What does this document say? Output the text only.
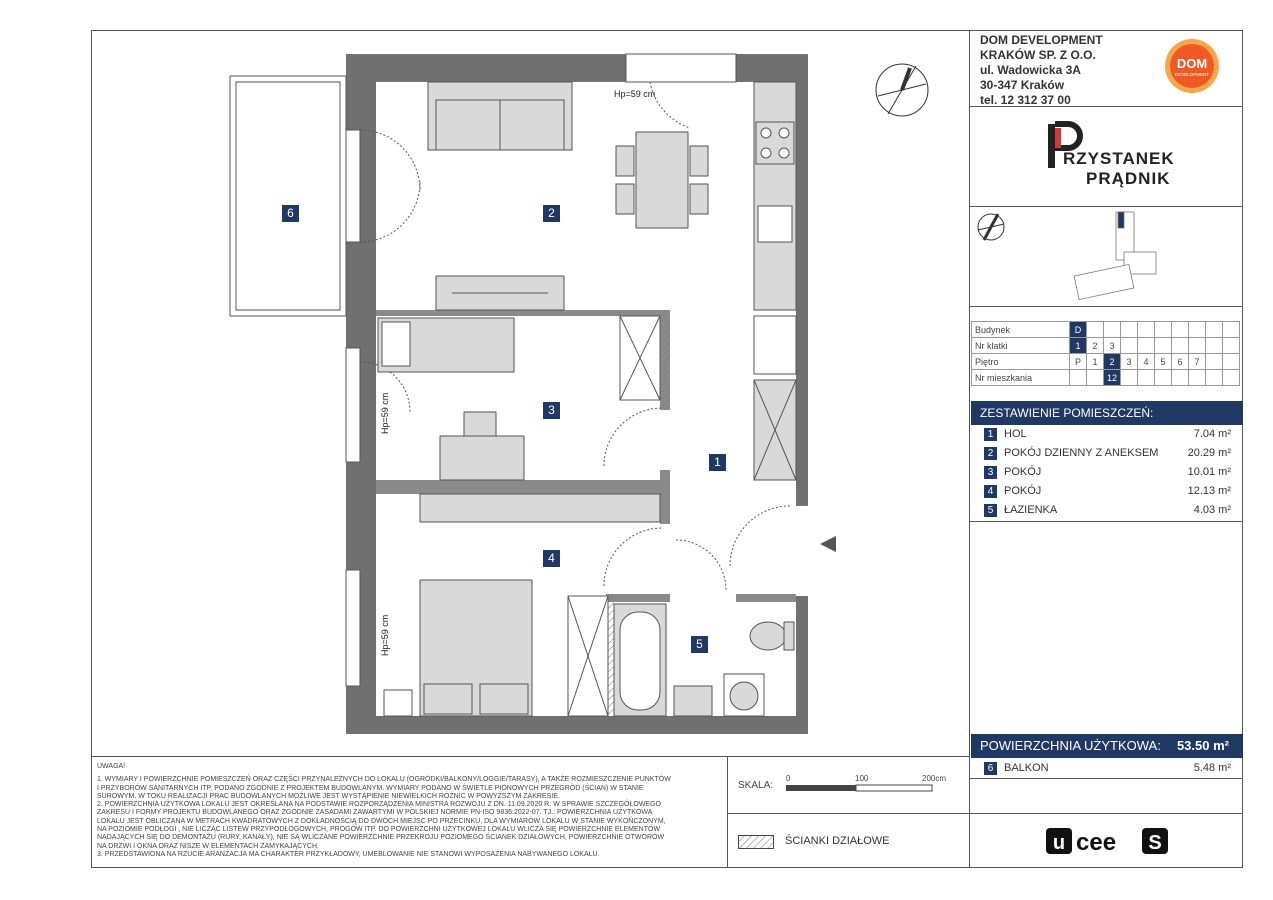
6	2
3
1
4
5
Hp=59 cm
Hp=59 cm
Hp=59 cm
DOM DEVELOPMENT
KRAKÓW SP. Z O.O.
ul. Wadowicka 3A
30-347 Kraków
tel. 12 312 37 00
DOM
DEVELOPMENT
RZYSTANEK
PRĄDNIK
Budynek	D									
Nr klatki	1	2	3							
Piętro	P	1	2	3	4	5	6	7		
Nr mieszkania			12							
ZESTAWIENIE POMIESZCZEŃ:
1 HOL	7.04 m²
2 POKÓJ DZIENNY Z ANEKSEM	20.29 m²
3 POKÓJ	10.01 m²
4 POKÓJ	12.13 m²
5 ŁAZIENKA	4.03 m²
POWIERZCHNIA UŻYTKOWA: 53.50 m²
6 BALKON	5.48 m²
UWAGA!
1. WYMIARY I POWIERZCHNIE POMIESZCZEŃ ORAZ CZĘŚCI PRZYNALEŻNYCH DO LOKALU (OGRÓDKI/BALKONY/LOGGIE/TARASY), A TAKŻE ROZMIESZCZENIE PUNKTÓW
I PRZYBORÓW SANITARNYCH ITP. PODANO ZGODNIE Z PROJEKTEM BUDOWLANYM. WYMIARY PODANO W ŚWIETLE PIONOWYCH PRZEGRÓD (ŚCIAN) W STANIE
SUROWYM. W TOKU REALIZACJI PRAC BUDOWLANYCH MOŻLIWE JEST WYSTĄPIENIE NIEWIELKICH RÓŻNIC W POWYŻSZYM ZAKRESIE.
2. POWIERZCHNIA UŻYTKOWA LOKALU JEST OKREŚLANA NA PODSTAWIE ROZPORZĄDZENIA MINISTRA ROZWOJU Z DN. 11.09.2020 R. W SPRAWIE SZCZEGÓŁOWEGO
ZAKRESU I FORMY PROJEKTU BUDOWLANEGO ORAZ ZGODNIE ZASADAMI ZAWARTYMI W POLSKIEJ NORMIE PN-ISO 9836:2022-07. TJ.: POWIERZCHNIA UŻYTKOWA
LOKALU JEST OBLICZANA W METRACH KWADRATOWYCH Z DOKŁADNOŚCIĄ DO DWÓCH MIEJSC PO PRZECINKU, DLA WYMIARÓW LOKALU W STANIE WYKOŃCZONYM,
NA POZIOMIE PODŁOGI , NIE LICZĄC LISTEW PRZYPODŁOGOWYCH, PROGÓW ITP. DO POWIERZCHNI UŻYTKOWEJ LOKALU WLICZA SIĘ POWIERZCHNIE ELEMENTÓW
NADAJĄCYCH SIĘ DO DEMONTAŻU (RURY, KANAŁY), NIE SĄ WLICZANE POWIERZCHNIE PRZEKROJU POZIOMEGO ŚCIANEK DZIAŁOWYCH, POWIERZCHNIE OTWORÓW
NA DRZWI I OKNA ORAZ NISZE W ELEMENTACH ZAMYKAJĄCYCH.
3. PRZEDSTAWIONA NA RZUCIE ARANŻACJA MA CHARAKTER PRZYKŁADOWY, UMEBLOWANIE NIE STANOWI WYPOSAŻENIA NABYWANEGO LOKALU.
SKALA:
0	100	200cm
ŚCIANKI DZIAŁOWE	u cee S
